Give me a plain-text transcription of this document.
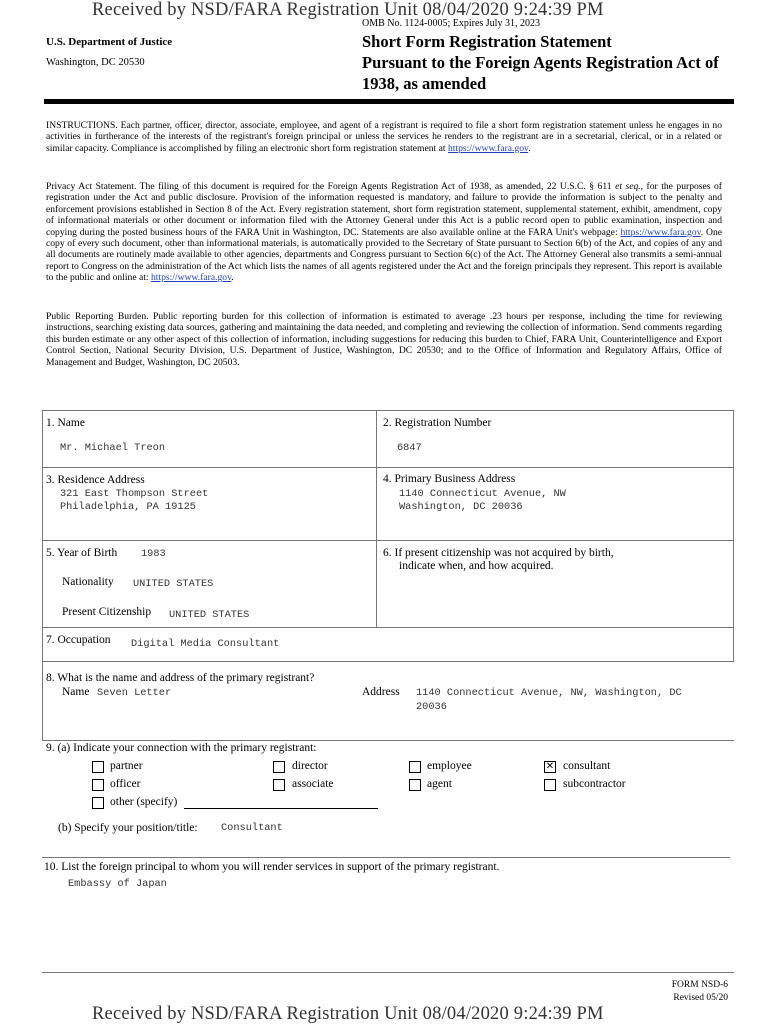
Received by NSD/FARA Registration Unit 08/04/2020 9:24:39 PM
OMB No. 1124-0005; Expires July 31, 2023
U.S. Department of Justice
Washington, DC 20530
Short Form Registration Statement
Pursuant to the Foreign Agents Registration Act of
1938, as amended
INSTRUCTIONS. Each partner, officer, director, associate, employee, and agent of a registrant is required to file a short form registration statement unless he engages in no activities in furtherance of the interests of the registrant's foreign principal or unless the services he renders to the registrant are in a secretarial, clerical, or in a related or similar capacity. Compliance is accomplished by filing an electronic short form registration statement at https://www.fara.gov.
Privacy Act Statement. The filing of this document is required for the Foreign Agents Registration Act of 1938, as amended, 22 U.S.C. § 611 et seq., for the purposes of registration under the Act and public disclosure. Provision of the information requested is mandatory, and failure to provide the information is subject to the penalty and enforcement provisions established in Section 8 of the Act. Every registration statement, short form registration statement, supplemental statement, exhibit, amendment, copy of informational materials or other document or information filed with the Attorney General under this Act is a public record open to public examination, inspection and copying during the posted business hours of the FARA Unit in Washington, DC. Statements are also available online at the FARA Unit's webpage: https://www.fara.gov. One copy of every such document, other than informational materials, is automatically provided to the Secretary of State pursuant to Section 6(b) of the Act, and copies of any and all documents are routinely made available to other agencies, departments and Congress pursuant to Section 6(c) of the Act. The Attorney General also transmits a semi-annual report to Congress on the administration of the Act which lists the names of all agents registered under the Act and the foreign principals they represent. This report is available to the public and online at: https://www.fara.gov.
Public Reporting Burden. Public reporting burden for this collection of information is estimated to average .23 hours per response, including the time for reviewing instructions, searching existing data sources, gathering and maintaining the data needed, and completing and reviewing the collection of information. Send comments regarding this burden estimate or any other aspect of this collection of information, including suggestions for reducing this burden to Chief, FARA Unit, Counterintelligence and Export Control Section, National Security Division, U.S. Department of Justice, Washington, DC 20530; and to the Office of Information and Regulatory Affairs, Office of Management and Budget, Washington, DC 20503.
1. Name
Mr. Michael Treon
2. Registration Number
6847
3. Residence Address
321 East Thompson Street
Philadelphia, PA 19125
4. Primary Business Address
1140 Connecticut Avenue, NW
Washington, DC 20036
5. Year of Birth 1983
Nationality UNITED STATES
Present Citizenship UNITED STATES
6. If present citizenship was not acquired by birth,
indicate when, and how acquired.
7. Occupation Digital Media Consultant
8. What is the name and address of the primary registrant?
Name Seven Letter	Address 1140 Connecticut Avenue, NW, Washington, DC
20036
9. (a) Indicate your connection with the primary registrant:
partner
officer
other (specify)
director
associate
employee
agent
✕ consultant
subcontractor
(b) Specify your position/title: Consultant
10. List the foreign principal to whom you will render services in support of the primary registrant.
Embassy of Japan
FORM NSD-6
Revised 05/20
Received by NSD/FARA Registration Unit 08/04/2020 9:24:39 PM
